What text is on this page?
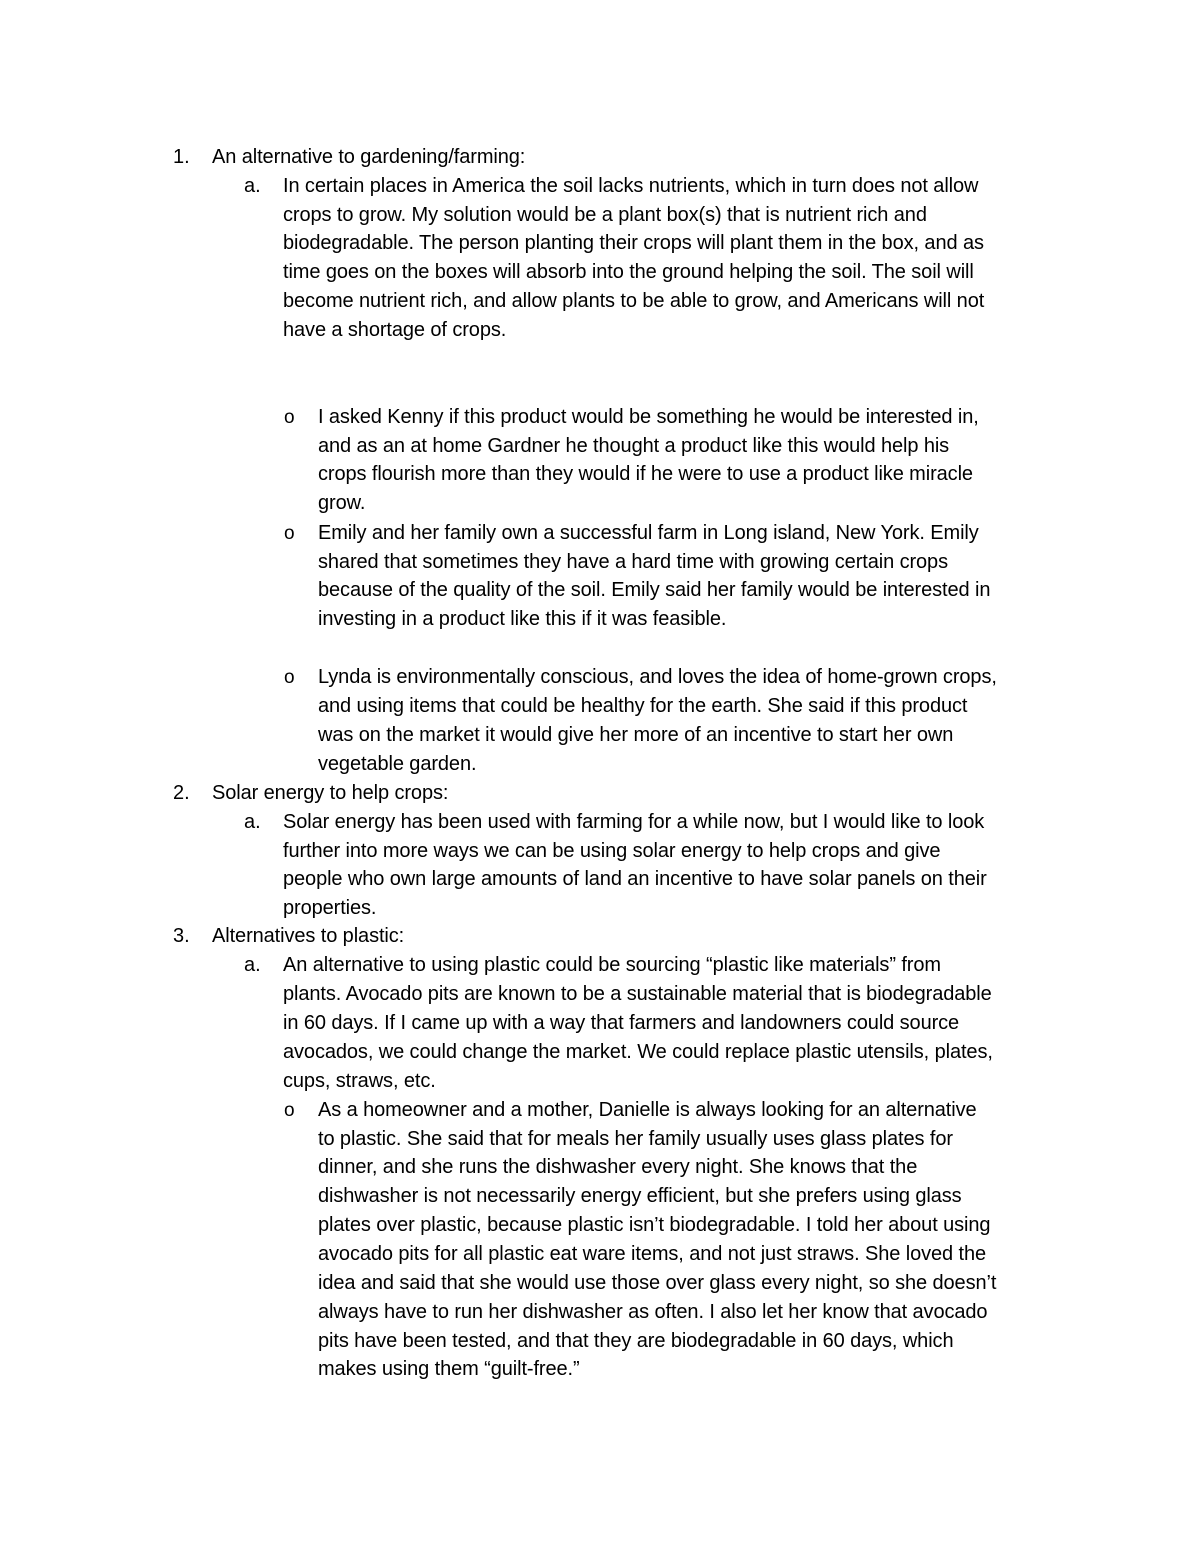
1. An alternative to gardening/farming:
a. In certain places in America the soil lacks nutrients, which in turn does not allow
crops to grow. My solution would be a plant box(s) that is nutrient rich and
biodegradable. The person planting their crops will plant them in the box, and as
time goes on the boxes will absorb into the ground helping the soil. The soil will
become nutrient rich, and allow plants to be able to grow, and Americans will not
have a shortage of crops.
o I asked Kenny if this product would be something he would be interested in,
and as an at home Gardner he thought a product like this would help his
crops flourish more than they would if he were to use a product like miracle
grow.
o Emily and her family own a successful farm in Long island, New York. Emily
shared that sometimes they have a hard time with growing certain crops
because of the quality of the soil. Emily said her family would be interested in
investing in a product like this if it was feasible.
o Lynda is environmentally conscious, and loves the idea of home-grown crops,
and using items that could be healthy for the earth. She said if this product
was on the market it would give her more of an incentive to start her own
vegetable garden.
2. Solar energy to help crops:
a. Solar energy has been used with farming for a while now, but I would like to look
further into more ways we can be using solar energy to help crops and give
people who own large amounts of land an incentive to have solar panels on their
properties.
3. Alternatives to plastic:
a. An alternative to using plastic could be sourcing “plastic like materials” from
plants. Avocado pits are known to be a sustainable material that is biodegradable
in 60 days. If I came up with a way that farmers and landowners could source
avocados, we could change the market. We could replace plastic utensils, plates,
cups, straws, etc.
o As a homeowner and a mother, Danielle is always looking for an alternative
to plastic. She said that for meals her family usually uses glass plates for
dinner, and she runs the dishwasher every night. She knows that the
dishwasher is not necessarily energy efficient, but she prefers using glass
plates over plastic, because plastic isn’t biodegradable. I told her about using
avocado pits for all plastic eat ware items, and not just straws. She loved the
idea and said that she would use those over glass every night, so she doesn’t
always have to run her dishwasher as often. I also let her know that avocado
pits have been tested, and that they are biodegradable in 60 days, which
makes using them “guilt-free.”
